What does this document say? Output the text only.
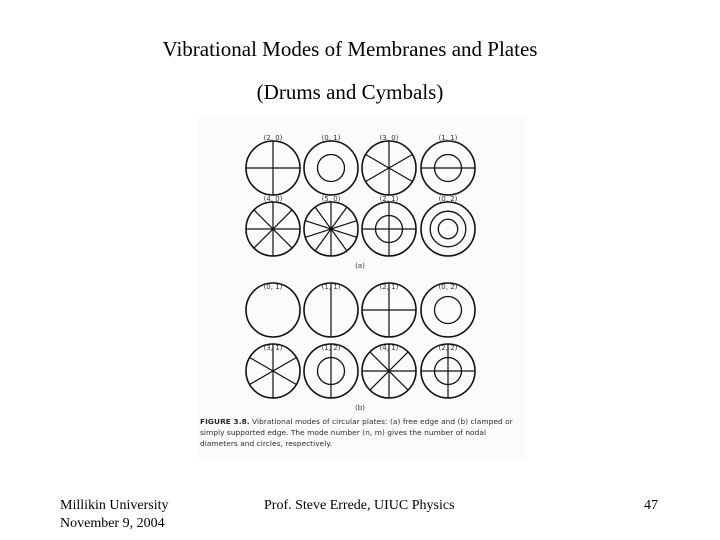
Vibrational Modes of Membranes and Plates
(Drums and Cymbals)
(2, 0)	(0, 1)	(3, 0)	(1, 1)
(4, 0)	(5, 0)	(2, 1)	(0, 2)
(0, 1)	(1, 1)	(2, 1)	(0, 2)
(3, 1)	(1, 2)	(4, 1)	(2, 2)
(a)
(b)
FIGURE 3.8. Vibrational modes of circular plates: (a) free edge and (b) clamped or simply supported edge. The mode number (n, m) gives the number of nodal diameters and circles, respectively.
Millikin University
November 9, 2004
Prof. Steve Errede, UIUC Physics	47
